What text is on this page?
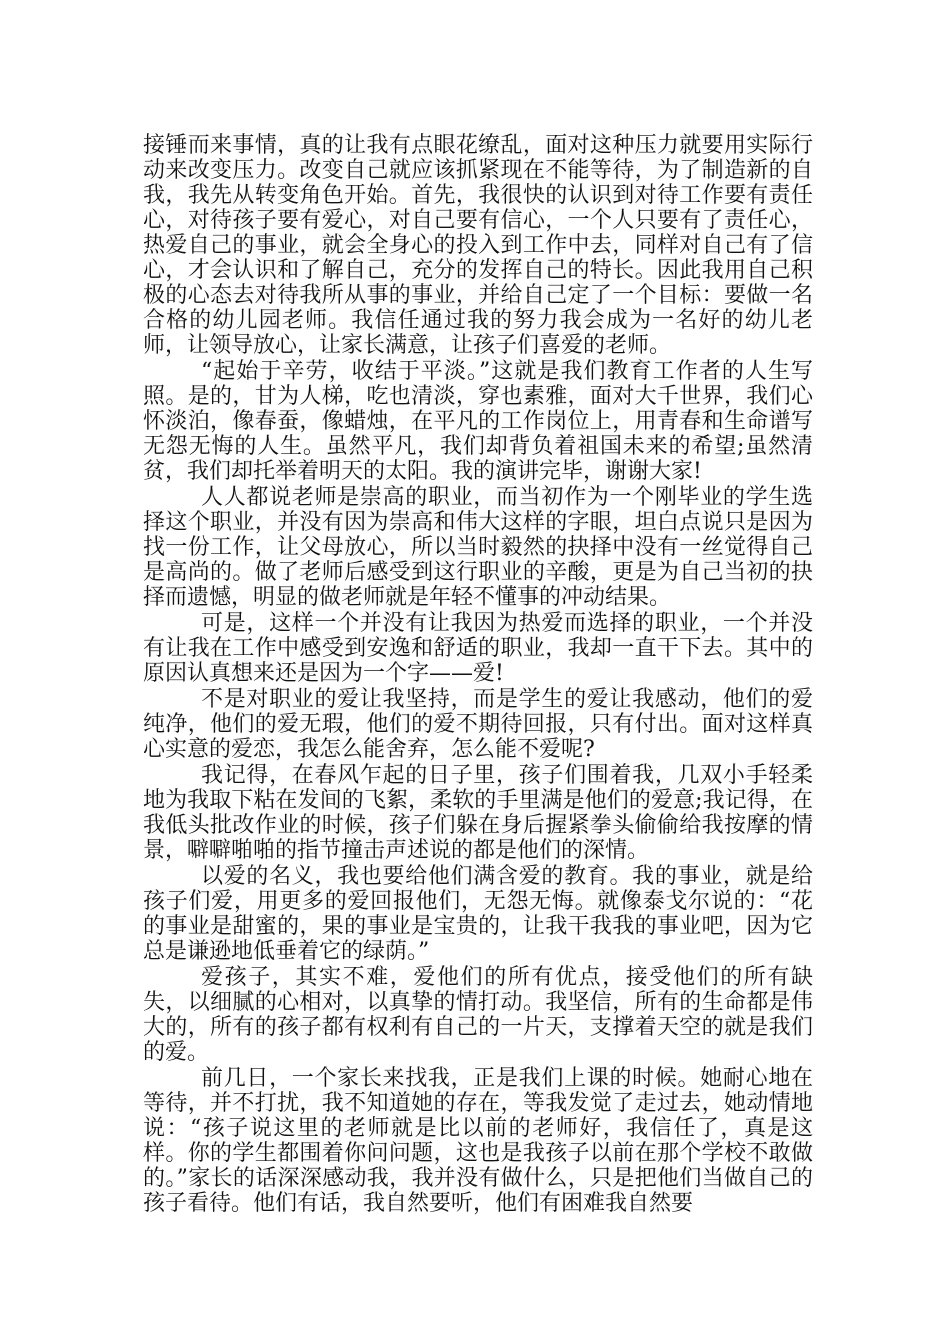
接锤而来事情，真的让我有点眼花缭乱，面对这种压力就要用实际行动来改变压力。改变自己就应该抓紧现在不能等待，为了制造新的自我，我先从转变角色开始。首先，我很快的认识到对待工作要有责任心，对待孩子要有爱心，对自己要有信心，一个人只要有了责任心，热爱自己的事业，就会全身心的投入到工作中去，同样对自己有了信心，才会认识和了解自己，充分的发挥自己的特长。因此我用自己积极的心态去对待我所从事的事业，并给自己定了一个目标：要做一名合格的幼儿园老师。我信任通过我的努力我会成为一名好的幼儿老师，让领导放心，让家长满意，让孩子们喜爱的老师。

“起始于辛劳，收结于平淡。”这就是我们教育工作者的人生写照。是的，甘为人梯，吃也清淡，穿也素雅，面对大千世界，我们心怀淡泊，像春蚕，像蜡烛，在平凡的工作岗位上，用青春和生命谱写无怨无悔的人生。虽然平凡，我们却背负着祖国未来的希望;虽然清贫，我们却托举着明天的太阳。我的演讲完毕，谢谢大家!

人人都说老师是崇高的职业，而当初作为一个刚毕业的学生选择这个职业，并没有因为崇高和伟大这样的字眼，坦白点说只是因为找一份工作，让父母放心，所以当时毅然的抉择中没有一丝觉得自己是高尚的。做了老师后感受到这行职业的辛酸，更是为自己当初的抉择而遗憾，明显的做老师就是年轻不懂事的冲动结果。

可是，这样一个并没有让我因为热爱而选择的职业，一个并没有让我在工作中感受到安逸和舒适的职业，我却一直干下去。其中的原因认真想来还是因为一个字——爱!

不是对职业的爱让我坚持，而是学生的爱让我感动，他们的爱纯净，他们的爱无瑕，他们的爱不期待回报，只有付出。面对这样真心实意的爱恋，我怎么能舍弃，怎么能不爱呢?

我记得，在春风乍起的日子里，孩子们围着我，几双小手轻柔地为我取下粘在发间的飞絮，柔软的手里满是他们的爱意;我记得，在我低头批改作业的时候，孩子们躲在身后握紧拳头偷偷给我按摩的情景，噼噼啪啪的指节撞击声述说的都是他们的深情。

以爱的名义，我也要给他们满含爱的教育。我的事业，就是给孩子们爱，用更多的爱回报他们，无怨无悔。就像泰戈尔说的：“花的事业是甜蜜的，果的事业是宝贵的，让我干我我的事业吧，因为它总是谦逊地低垂着它的绿荫。”

爱孩子，其实不难，爱他们的所有优点，接受他们的所有缺失，以细腻的心相对，以真挚的情打动。我坚信，所有的生命都是伟大的，所有的孩子都有权利有自己的一片天，支撑着天空的就是我们的爱。

前几日，一个家长来找我，正是我们上课的时候。她耐心地在等待，并不打扰，我不知道她的存在，等我发觉了走过去，她动情地说：“孩子说这里的老师就是比以前的老师好，我信任了，真是这样。你的学生都围着你问问题，这也是我孩子以前在那个学校不敢做的。”家长的话深深感动我，我并没有做什么，只是把他们当做自己的孩子看待。他们有话，我自然要听，他们有困难我自然要
